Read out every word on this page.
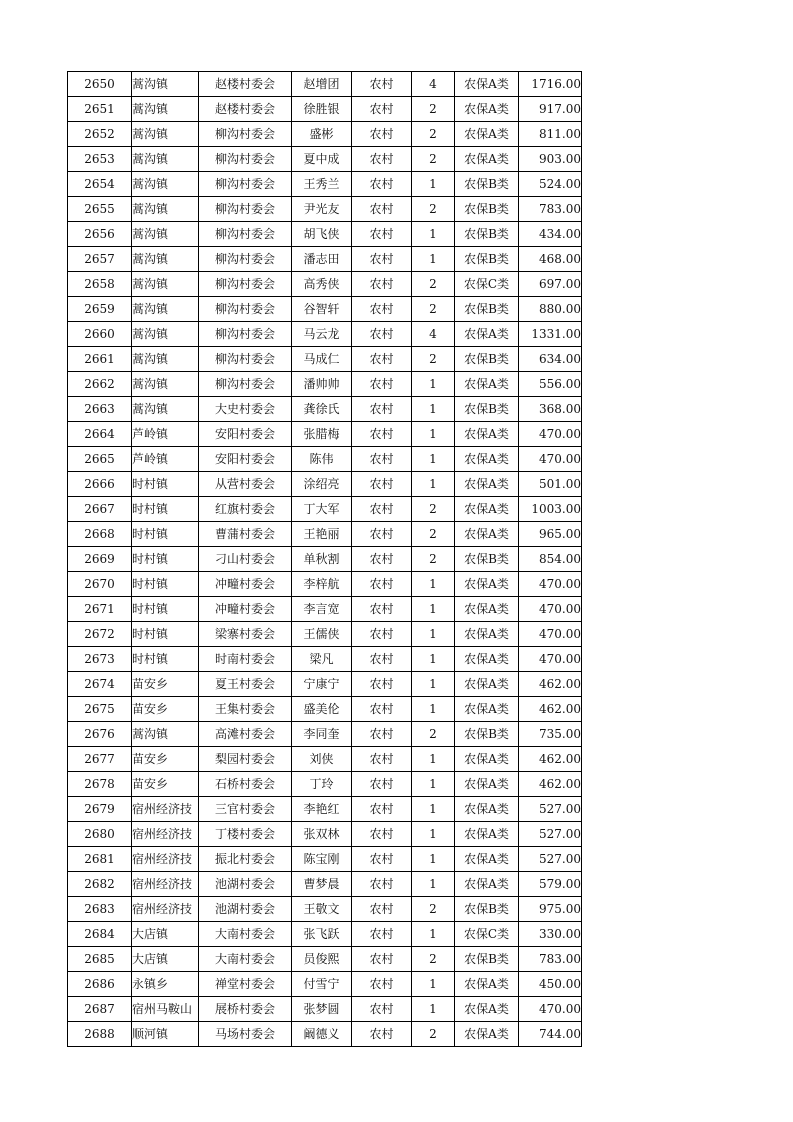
2650	蒿沟镇	赵楼村委会	赵增团	农村	4	农保A类	1716.00
2651	蒿沟镇	赵楼村委会	徐胜银	农村	2	农保A类	917.00
2652	蒿沟镇	柳沟村委会	盛彬	农村	2	农保A类	811.00
2653	蒿沟镇	柳沟村委会	夏中成	农村	2	农保A类	903.00
2654	蒿沟镇	柳沟村委会	王秀兰	农村	1	农保B类	524.00
2655	蒿沟镇	柳沟村委会	尹光友	农村	2	农保B类	783.00
2656	蒿沟镇	柳沟村委会	胡飞侠	农村	1	农保B类	434.00
2657	蒿沟镇	柳沟村委会	潘志田	农村	1	农保B类	468.00
2658	蒿沟镇	柳沟村委会	高秀侠	农村	2	农保C类	697.00
2659	蒿沟镇	柳沟村委会	谷智轩	农村	2	农保B类	880.00
2660	蒿沟镇	柳沟村委会	马云龙	农村	4	农保A类	1331.00
2661	蒿沟镇	柳沟村委会	马成仁	农村	2	农保B类	634.00
2662	蒿沟镇	柳沟村委会	潘帅帅	农村	1	农保A类	556.00
2663	蒿沟镇	大史村委会	龚徐氏	农村	1	农保B类	368.00
2664	芦岭镇	安阳村委会	张腊梅	农村	1	农保A类	470.00
2665	芦岭镇	安阳村委会	陈伟	农村	1	农保A类	470.00
2666	时村镇	从营村委会	涂绍亮	农村	1	农保A类	501.00
2667	时村镇	红旗村委会	丁大军	农村	2	农保A类	1003.00
2668	时村镇	曹蒲村委会	王艳丽	农村	2	农保A类	965.00
2669	时村镇	刁山村委会	单秋割	农村	2	农保B类	854.00
2670	时村镇	冲疃村委会	李梓航	农村	1	农保A类	470.00
2671	时村镇	冲疃村委会	李言宽	农村	1	农保A类	470.00
2672	时村镇	梁寨村委会	王儒侠	农村	1	农保A类	470.00
2673	时村镇	时南村委会	梁凡	农村	1	农保A类	470.00
2674	苗安乡	夏王村委会	宁康宁	农村	1	农保A类	462.00
2675	苗安乡	王集村委会	盛美伦	农村	1	农保A类	462.00
2676	蒿沟镇	高滩村委会	李同奎	农村	2	农保B类	735.00
2677	苗安乡	梨园村委会	刘侠	农村	1	农保A类	462.00
2678	苗安乡	石桥村委会	丁玲	农村	1	农保A类	462.00
2679	宿州经济技	三官村委会	李艳红	农村	1	农保A类	527.00
2680	宿州经济技	丁楼村委会	张双林	农村	1	农保A类	527.00
2681	宿州经济技	振北村委会	陈宝刚	农村	1	农保A类	527.00
2682	宿州经济技	池湖村委会	曹梦晨	农村	1	农保A类	579.00
2683	宿州经济技	池湖村委会	王敬文	农村	2	农保B类	975.00
2684	大店镇	大南村委会	张飞跃	农村	1	农保C类	330.00
2685	大店镇	大南村委会	员俊熙	农村	2	农保B类	783.00
2686	永镇乡	禅堂村委会	付雪宁	农村	1	农保A类	450.00
2687	宿州马鞍山	展桥村委会	张梦圆	农村	1	农保A类	470.00
2688	顺河镇	马场村委会	阚德义	农村	2	农保A类	744.00
